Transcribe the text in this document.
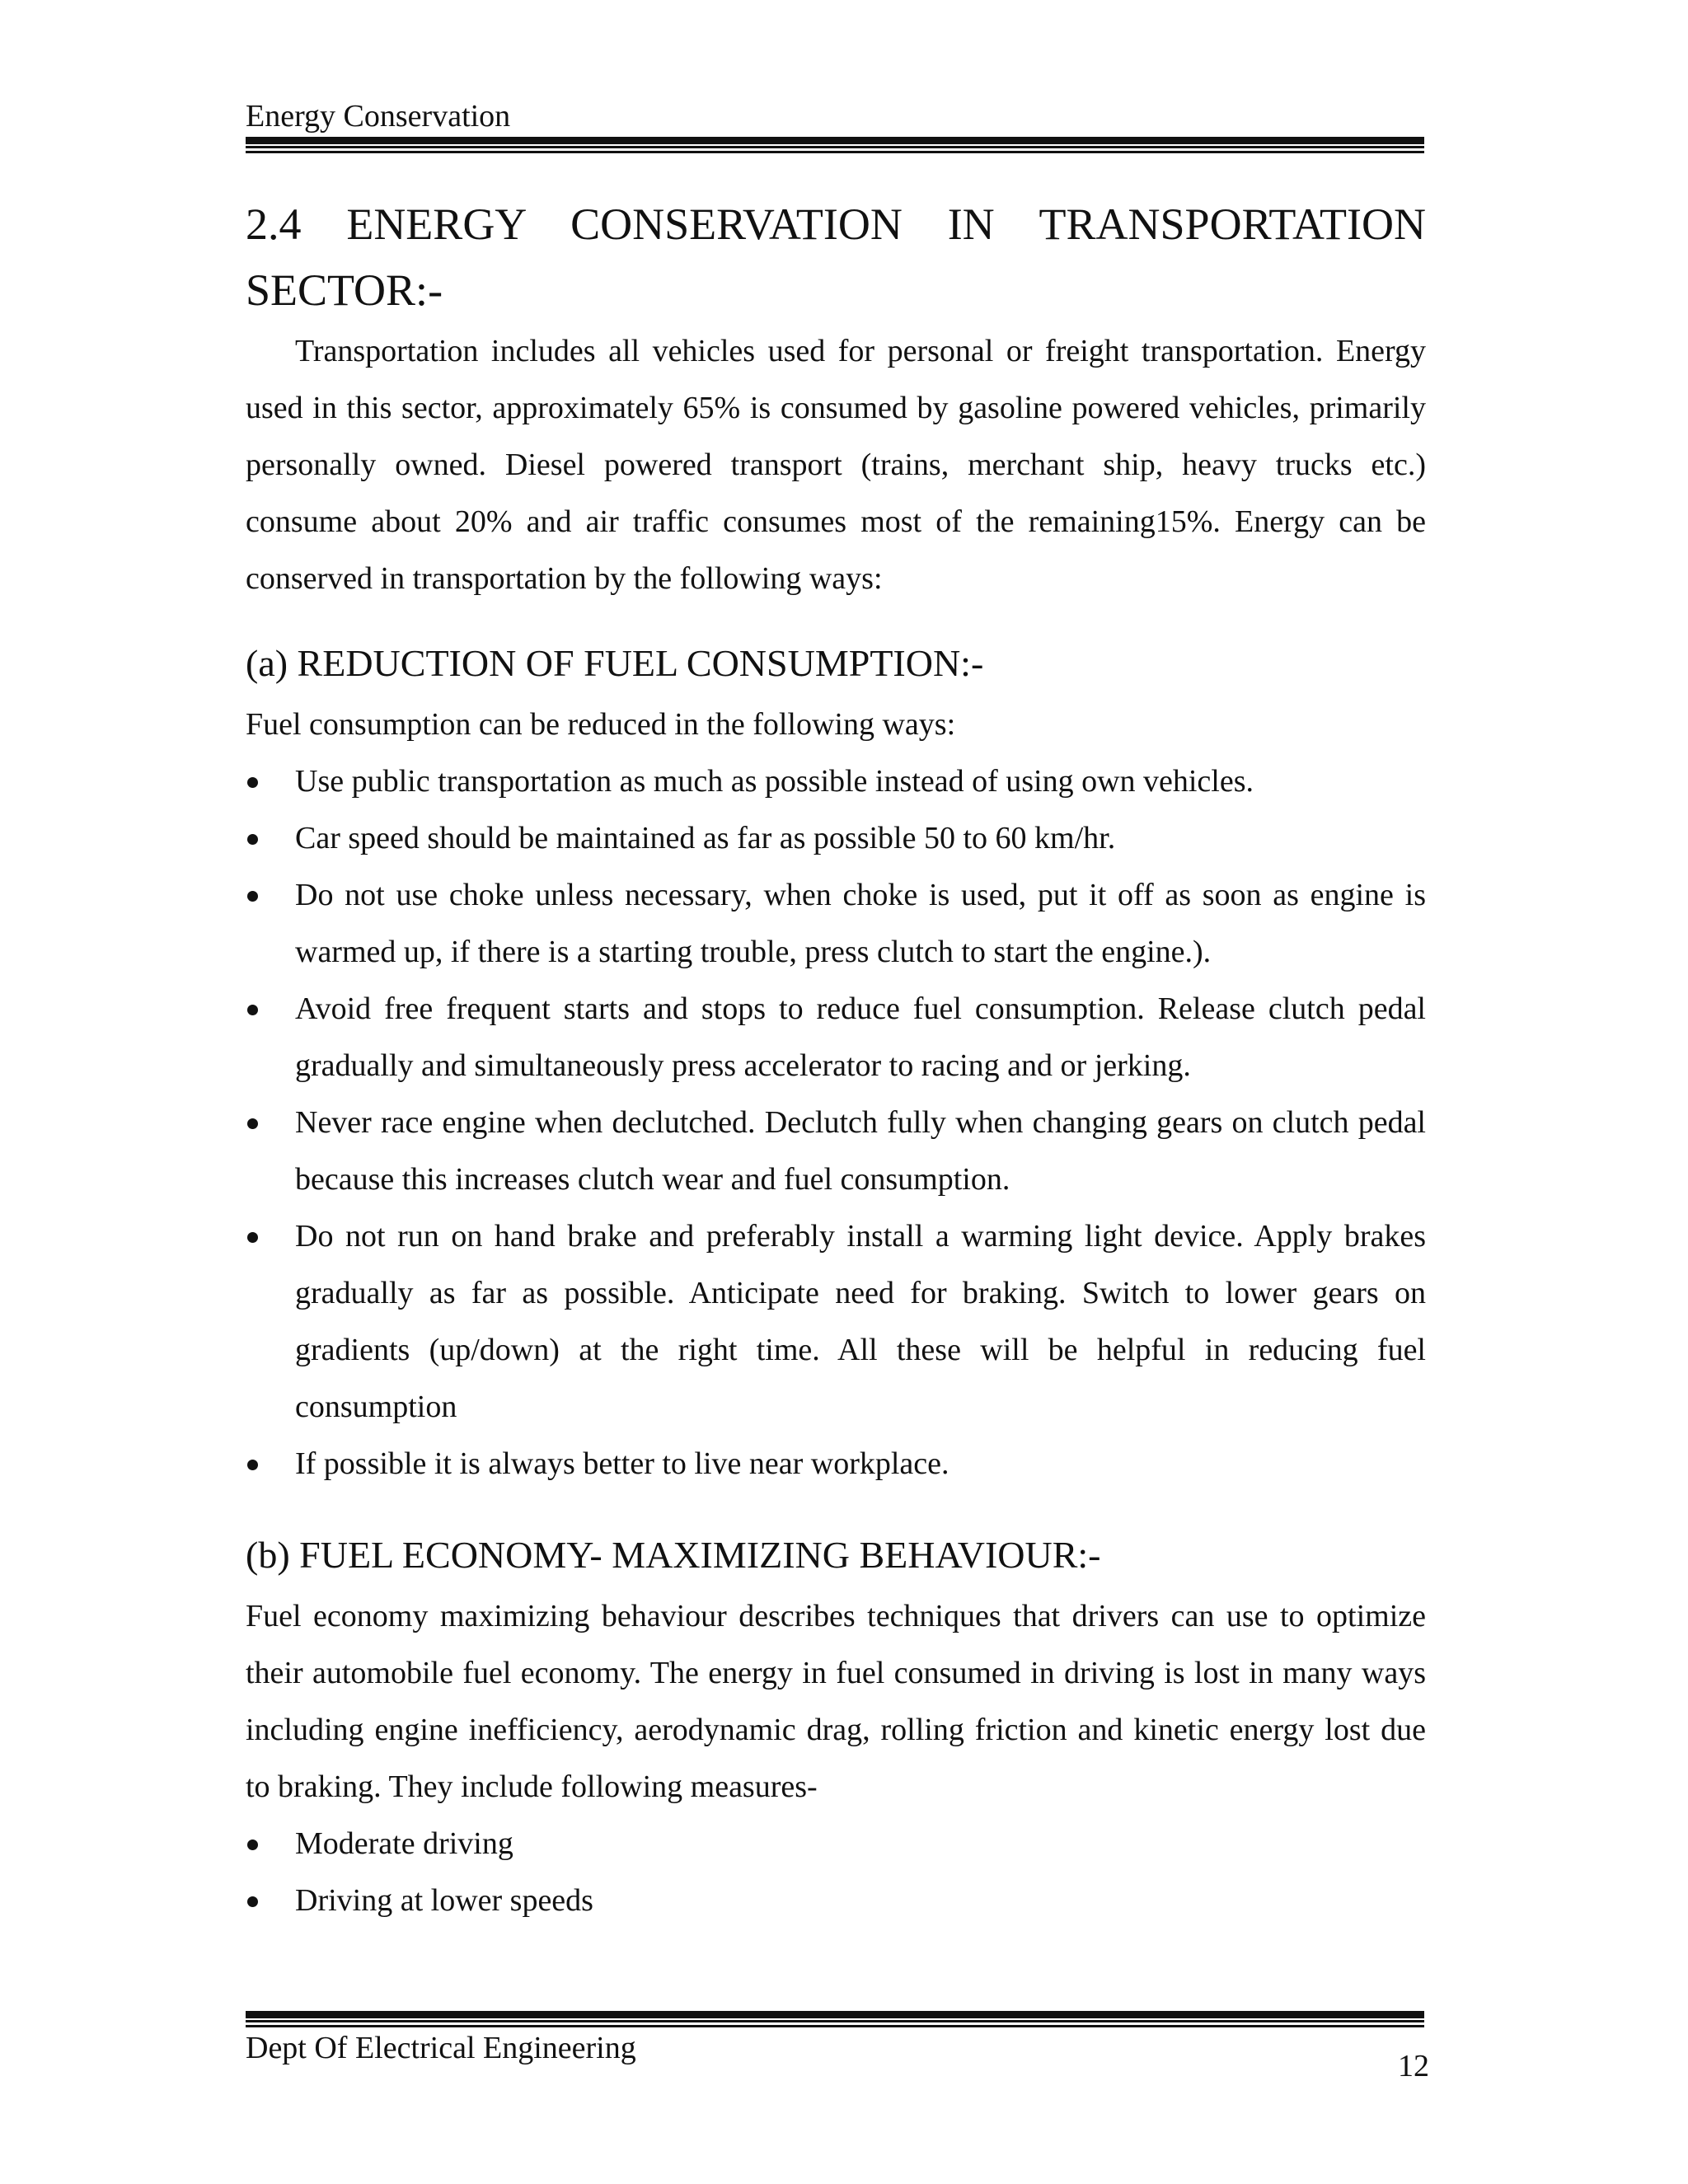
Energy Conservation
2.4 ENERGY CONSERVATION IN TRANSPORTATION
SECTOR:-

Transportation includes all vehicles used for personal or freight transportation. Energy used in this sector, approximately 65% is consumed by gasoline powered vehicles, primarily personally owned. Diesel powered transport (trains, merchant ship, heavy trucks etc.) consume about 20% and air traffic consumes most of the remaining15%. Energy can be conserved in transportation by the following ways:

(a) REDUCTION OF FUEL CONSUMPTION:-

Fuel consumption can be reduced in the following ways:

Use public transportation as much as possible instead of using own vehicles.
Car speed should be maintained as far as possible 50 to 60 km/hr.
Do not use choke unless necessary, when choke is used, put it off as soon as engine is warmed up, if there is a starting trouble, press clutch to start the engine.).
Avoid free frequent starts and stops to reduce fuel consumption. Release clutch pedal gradually and simultaneously press accelerator to racing and or jerking.
Never race engine when declutched. Declutch fully when changing gears on clutch pedal because this increases clutch wear and fuel consumption.
Do not run on hand brake and preferably install a warming light device. Apply brakes gradually as far as possible. Anticipate need for braking. Switch to lower gears on gradients (up/down) at the right time. All these will be helpful in reducing fuel consumption
If possible it is always better to live near workplace.
(b) FUEL ECONOMY- MAXIMIZING BEHAVIOUR:-

Fuel economy maximizing behaviour describes techniques that drivers can use to optimize their automobile fuel economy. The energy in fuel consumed in driving is lost in many ways including engine inefficiency, aerodynamic drag, rolling friction and kinetic energy lost due to braking. They include following measures-

Moderate driving
Driving at lower speeds
Dept Of Electrical Engineering
12
